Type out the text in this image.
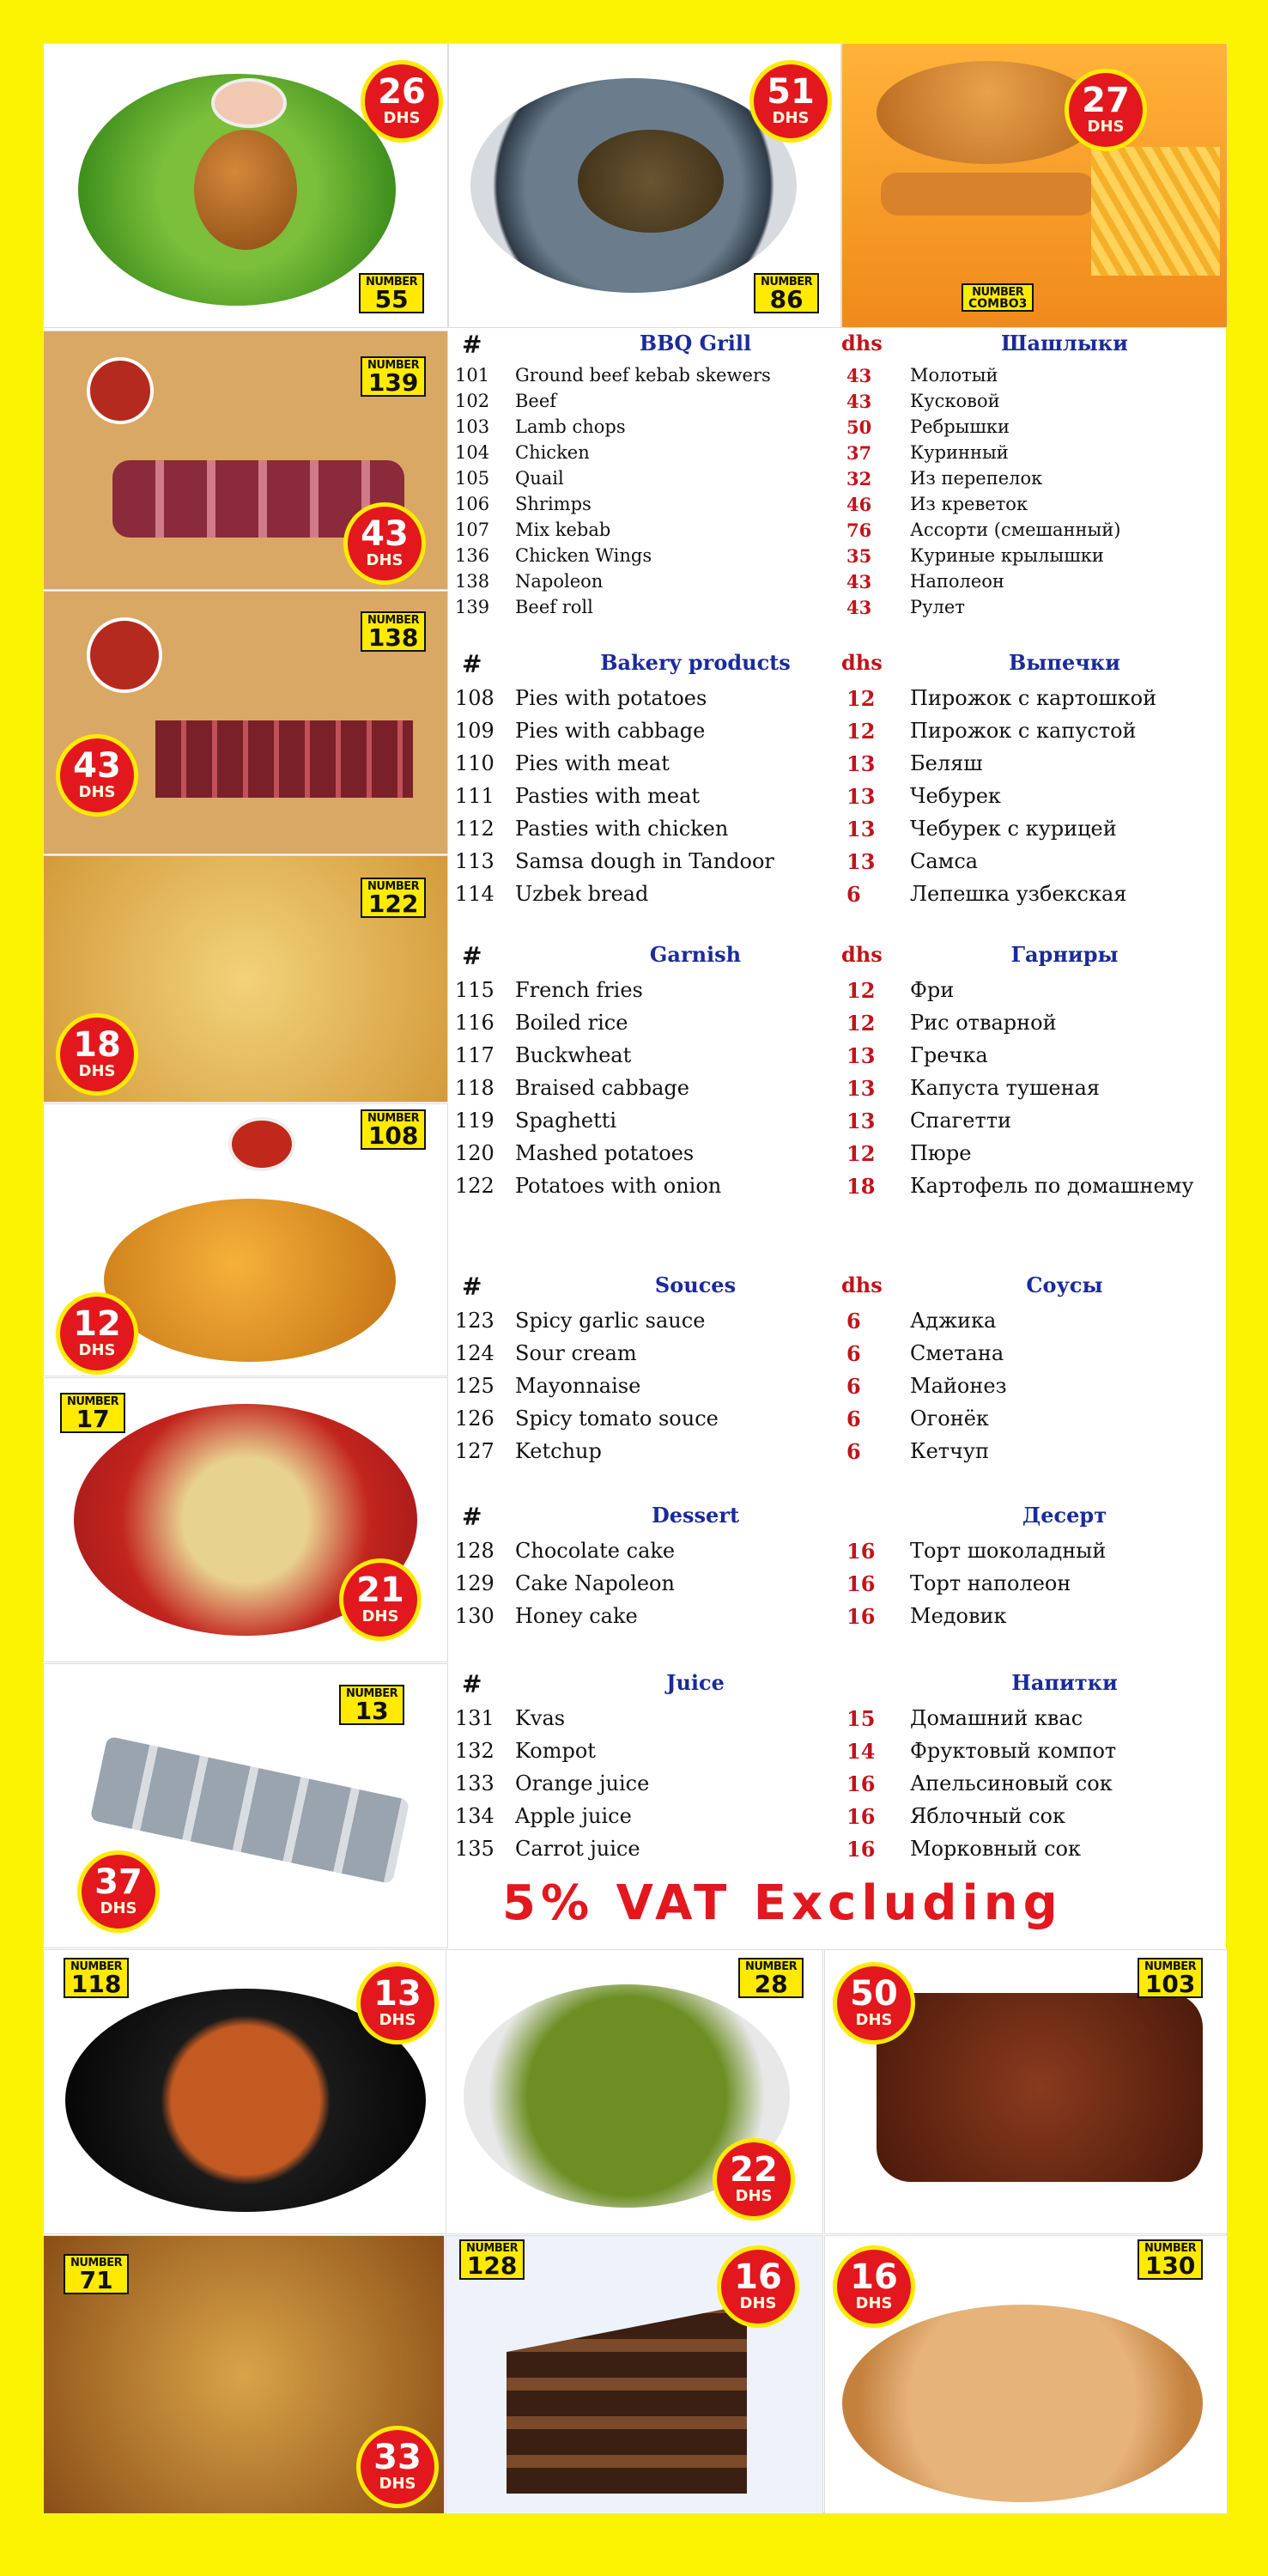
26
DHS
51
DHS	27
DHS
43
DHS
43
DHS
18
DHS
12
DHS
21
DHS
37
DHS
13
DHS
22
DHS
50
DHS
33
DHS
16
DHS
16
DHS
NUMBER
55
NUMBER
86	NUMBER
COMBO3
NUMBER
139
NUMBER
138
NUMBER
122
NUMBER
108
NUMBER
17
NUMBER
13
NUMBER
118
NUMBER
28
NUMBER
103
NUMBER
71
NUMBER
128
NUMBER
130
#	BBQ Grill	dhs	Шашлыки
101 Ground beef kebab skewers	43 Молотый
102 Beef	43 Кусковой
103 Lamb chops	50 Ребрышки
104 Chicken	37 Куринный
105 Quail	32 Из перепелок
106 Shrimps	46 Из креветок
107 Mix kebab	76 Ассорти (смешанный)
136 Chicken Wings	35 Куриные крылышки
138 Napoleon	43 Наполеон
139 Beef roll	43 Рулет
#	Bakery products	dhs	Выпечки
108 Pies with potatoes	12 Пирожок с картошкой
109 Pies with cabbage	12 Пирожок с капустой
110 Pies with meat	13 Беляш
111 Pasties with meat	13 Чебурек
112 Pasties with chicken	13 Чебурек с курицей
113 Samsa dough in Tandoor	13 Самса
114 Uzbek bread	6 Лепешка узбекская
#	Garnish	dhs	Гарниры
115 French fries	12 Фри
116 Boiled rice	12 Рис отварной
117 Buckwheat	13 Гречка
118 Braised cabbage	13 Капуста тушеная
119 Spaghetti	13 Спагетти
120 Mashed potatoes	12 Пюре
122 Potatoes with onion	18 Картофель по домашнему
#	Souces	dhs	Соусы
123 Spicy garlic sauce	6 Аджика
124 Sour cream	6 Сметана
125 Mayonnaise	6 Майонез
126 Spicy tomato souce	6 Огонёк
127 Ketchup	6 Кетчуп
#	Dessert	Десерт
128 Chocolate cake	16 Торт шоколадный
129 Cake Napoleon	16 Торт наполеон
130 Honey cake	16 Медовик
#	Juice	Напитки
131 Kvas	15 Домашний квас
132 Kompot	14 Фруктовый компот
133 Orange juice	16 Апельсиновый сок
134 Apple juice	16 Яблочный сок
135 Carrot juice	16 Морковный сок
5% VAT Excluding
